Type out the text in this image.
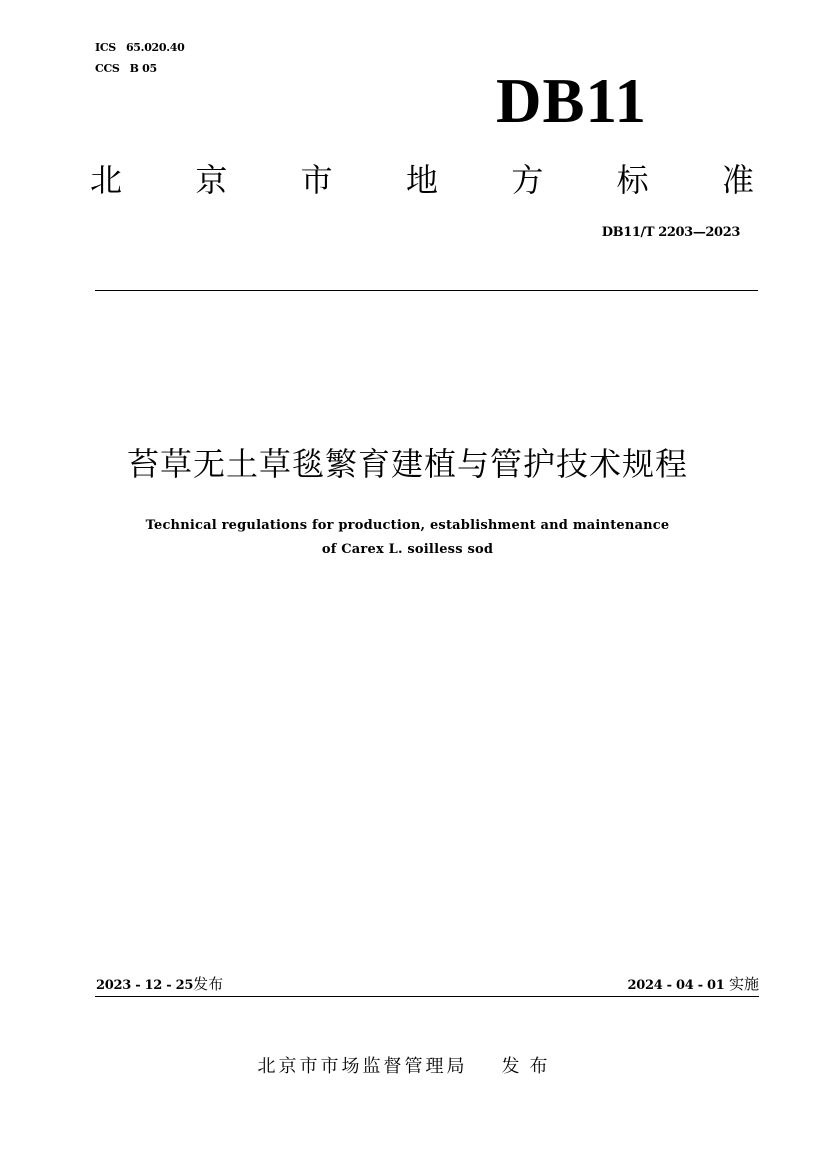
ICS 65.020.40
CCS B 05	DB11
北 京 市 地 方 标 准
DB11/T 2203—2023
苔草无土草毯繁育建植与管护技术规程
Technical regulations for production, establishment and maintenance
of Carex L. soilless sod
2023 - 12 - 25发布	2024 - 04 - 01 实施
北京市市场监督管理局 发布
